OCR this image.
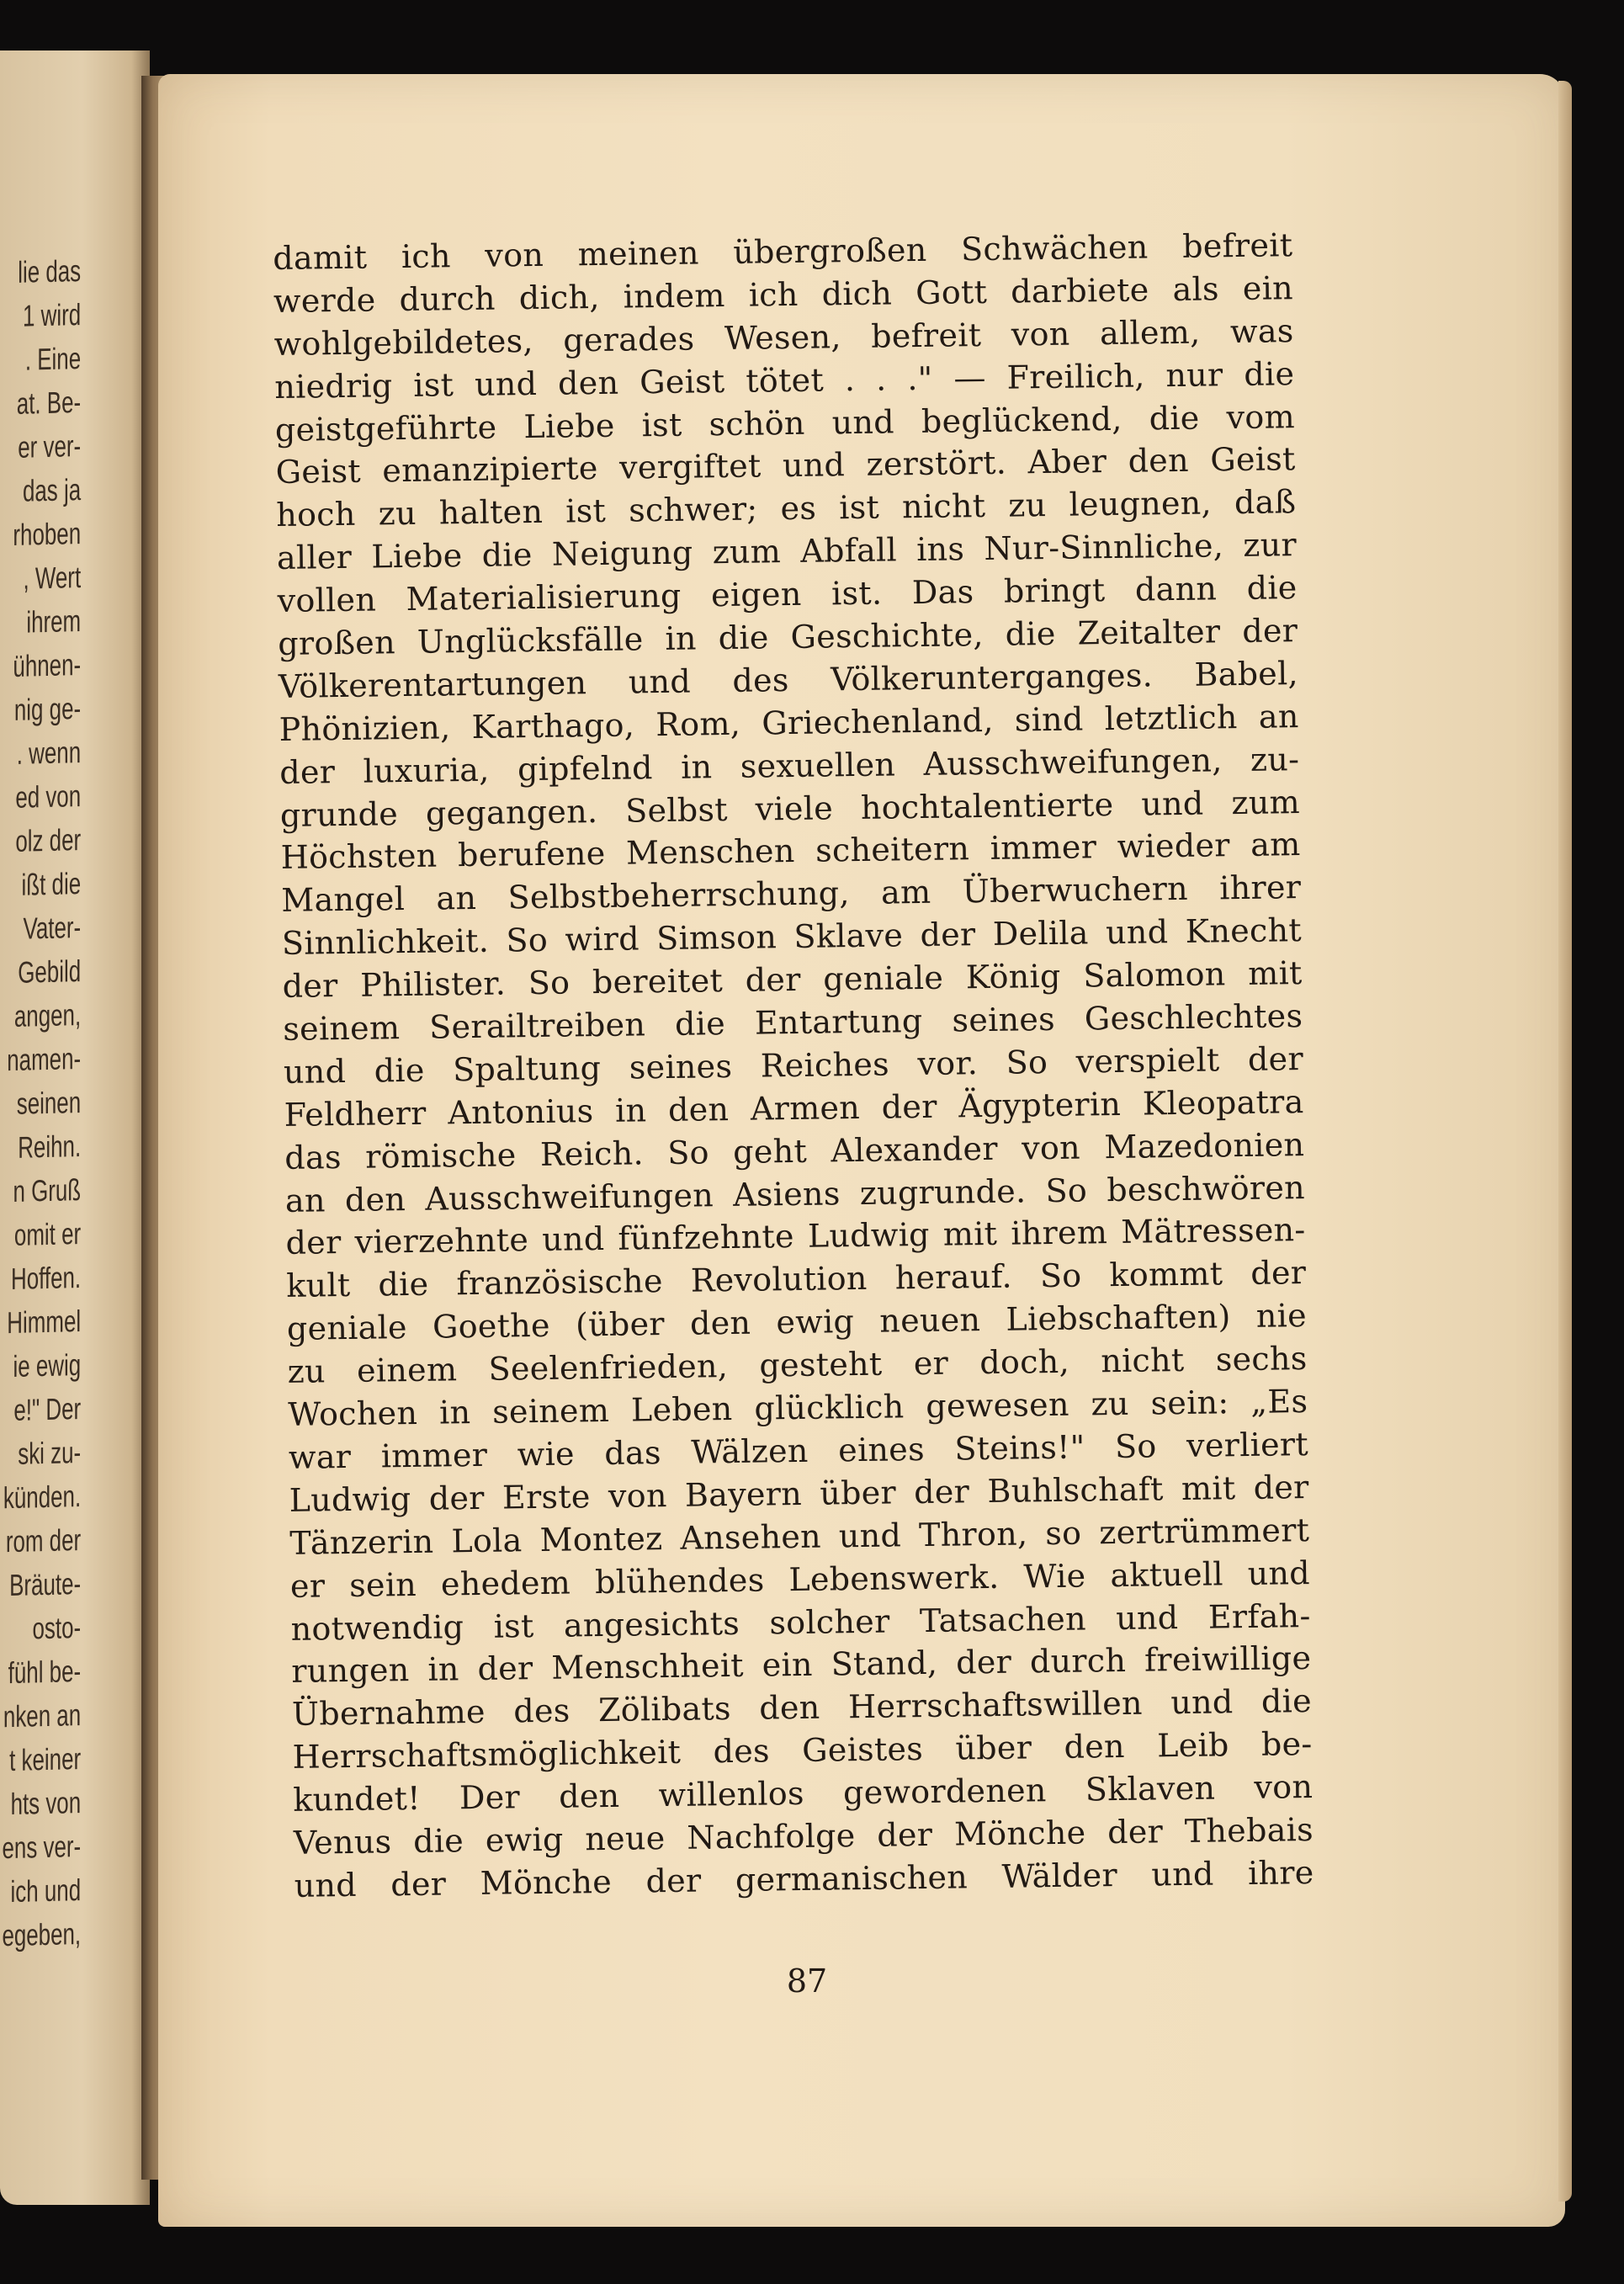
lie das
1 wird
. Eine
at. Be-
er ver-
das ja
rhoben
, Wert
ihrem
ühnen-
nig ge-
. wenn
ed von
olz der
ißt die
Vater-
Gebild
angen,
namen-
seinen
Reihn.
n Gruß
omit er
Hoffen.
Himmel
ie ewig
e!" Der
ski zu-
künden.
rom der
Bräute-
osto-
fühl be-
nken an
t keiner
hts von
ens ver-
ich und
egeben,
damit ich von meinen übergroßen Schwächen befreit
werde durch dich, indem ich dich Gott darbiete als ein
wohlgebildetes, gerades Wesen, befreit von allem, was
niedrig ist und den Geist tötet . . ." — Freilich, nur die
geistgeführte Liebe ist schön und beglückend, die vom
Geist emanzipierte vergiftet und zerstört. Aber den Geist
hoch zu halten ist schwer; es ist nicht zu leugnen, daß
aller Liebe die Neigung zum Abfall ins Nur-Sinnliche, zur
vollen Materialisierung eigen ist. Das bringt dann die
großen Unglücksfälle in die Geschichte, die Zeitalter der
Völkerentartungen und des Völkerunterganges. Babel,
Phönizien, Karthago, Rom, Griechenland, sind letztlich an
der luxuria, gipfelnd in sexuellen Ausschweifungen, zu-
grunde gegangen. Selbst viele hochtalentierte und zum
Höchsten berufene Menschen scheitern immer wieder am
Mangel an Selbstbeherrschung, am Überwuchern ihrer
Sinnlichkeit. So wird Simson Sklave der Delila und Knecht
der Philister. So bereitet der geniale König Salomon mit
seinem Serailtreiben die Entartung seines Geschlechtes
und die Spaltung seines Reiches vor. So verspielt der
Feldherr Antonius in den Armen der Ägypterin Kleopatra
das römische Reich. So geht Alexander von Mazedonien
an den Ausschweifungen Asiens zugrunde. So beschwören
der vierzehnte und fünfzehnte Ludwig mit ihrem Mätressen-
kult die französische Revolution herauf. So kommt der
geniale Goethe (über den ewig neuen Liebschaften) nie
zu einem Seelenfrieden, gesteht er doch, nicht sechs
Wochen in seinem Leben glücklich gewesen zu sein: „Es
war immer wie das Wälzen eines Steins!" So verliert
Ludwig der Erste von Bayern über der Buhlschaft mit der
Tänzerin Lola Montez Ansehen und Thron, so zertrümmert
er sein ehedem blühendes Lebenswerk. Wie aktuell und
notwendig ist angesichts solcher Tatsachen und Erfah-
rungen in der Menschheit ein Stand, der durch freiwillige
Übernahme des Zölibats den Herrschaftswillen und die
Herrschaftsmöglichkeit des Geistes über den Leib be-
kundet! Der den willenlos gewordenen Sklaven von
Venus die ewig neue Nachfolge der Mönche der Thebais
und der Mönche der germanischen Wälder und ihre
87
